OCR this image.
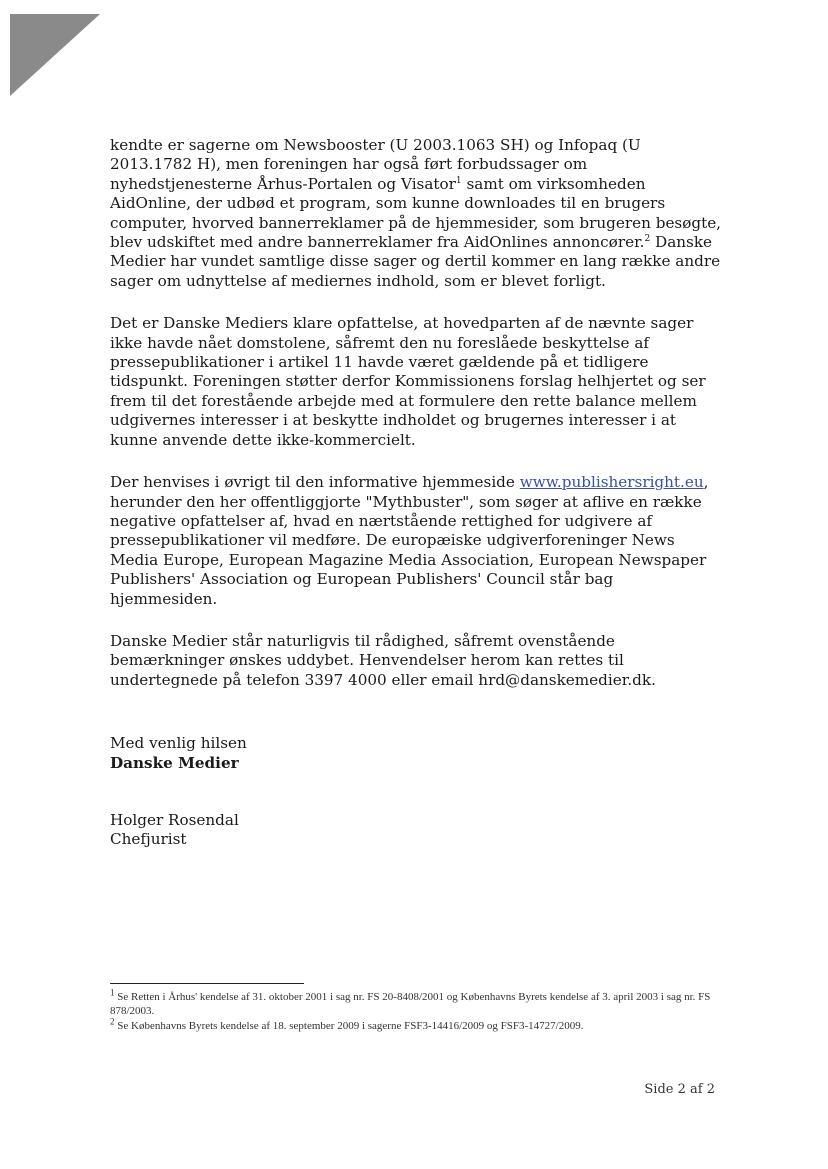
kendte er sagerne om Newsbooster (U 2003.1063 SH) og Infopaq (U 2013.1782 H), men foreningen har også ført forbudssager om nyhedstjenesterne Århus-Portalen og Visator$^1$ samt om virksomheden AidOnline, der udbød et program, som kunne downloades til en brugers computer, hvorved bannerreklamer på de hjemmesider, som brugeren besøgte, blev udskiftet med andre bannerreklamer fra AidOnlines annoncører.$^2$ Danske Medier har vundet samtlige disse sager og dertil kommer en lang række andre sager om udnyttelse af mediernes indhold, som er blevet forligt.

Det er Danske Mediers klare opfattelse, at hovedparten af de nævnte sager ikke havde nået domstolene, såfremt den nu foreslåede beskyttelse af pressepublikationer i artikel 11 havde været gældende på et tidligere tidspunkt. Foreningen støtter derfor Kommissionens forslag helhjertet og ser frem til det forestående arbejde med at formulere den rette balance mellem udgivernes interesser i at beskytte indholdet og brugernes interesser i at kunne anvende dette ikke-kommercielt.

Der henvises i øvrigt til den informative hjemmeside www.publishersright.eu, herunder den her offentliggjorte "Mythbuster", som søger at aflive en række negative opfattelser af, hvad en nærtstående rettighed for udgivere af pressepublikationer vil medføre. De europæiske udgiverforeninger News Media Europe, European Magazine Media Association, European Newspaper Publishers' Association og European Publishers' Council står bag hjemmesiden.

Danske Medier står naturligvis til rådighed, såfremt ovenstående bemærkninger ønskes uddybet. Henvendelser herom kan rettes til undertegnede på telefon 3397 4000 eller email hrd@danskemedier.dk.

Med venlig hilsen
Danske Medier
Holger Rosendal
Chefjurist

$^1$ Se Retten i Århus' kendelse af 31. oktober 2001 i sag nr. FS 20-8408/2001 og Københavns Byrets kendelse af 3. april 2003 i sag nr. FS 878/2003.

$^2$ Se Københavns Byrets kendelse af 18. september 2009 i sagerne FSF3-14416/2009 og FSF3-14727/2009.

Side 2 af 2
